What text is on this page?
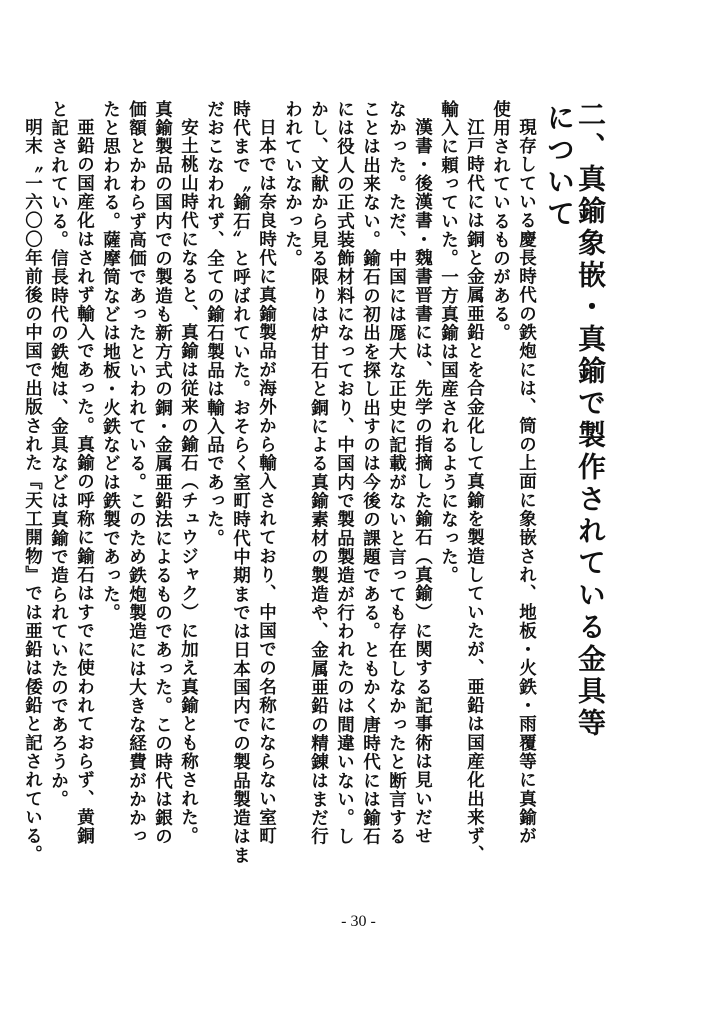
二、真鍮象嵌・真鍮で製作されている金具等
について
現存している慶長時代の鉄炮には、筒の上面に象嵌され、地板・火鉄・雨覆等に真鍮が
使用されているものがある。
江戸時代には銅と金属亜鉛とを合金化して真鍮を製造していたが、亜鉛は国産化出来ず、
輸入に頼っていた。一方真鍮は国産されるようになった。
漢書・後漢書・魏書晋書には、先学の指摘した鍮石（真鍮）に関する記事術は見いだせ
なかった。ただ、中国には厖大な正史に記載がないと言っても存在しなかったと断言する
ことは出来ない。鍮石の初出を探し出すのは今後の課題である。ともかく唐時代には鍮石
には役人の正式装飾材料になっており、中国内で製品製造が行われたのは間違いない。し
かし、文献から見る限りは炉甘石と銅による真鍮素材の製造や、金属亜鉛の精錬はまだ行
われていなかった。
日本では奈良時代に真鍮製品が海外から輸入されており、中国での名称にならない室町
時代まで〝鍮石〟と呼ばれていた。おそらく室町時代中期までは日本国内での製品製造はま
だおこなわれず、全ての鍮石製品は輸入品であった。
安土桃山時代になると、真鍮は従来の鍮石（チュウジャク）に加え真鍮とも称された。
真鍮製品の国内での製造も新方式の銅・金属亜鉛法によるものであった。この時代は銀の
価額とかわらず高価であったといわれている。このため鉄炮製造には大きな経費がかかっ
たと思われる。薩摩筒などは地板・火鉄などは鉄製であった。
亜鉛の国産化はされず輸入であった。真鍮の呼称に鍮石はすでに使われておらず、黄銅
と記されている。信長時代の鉄炮は、金具などは真鍮で造られていたのであろうか。
明末〝一六〇〇年前後の中国で出版された『天工開物』では亜鉛は倭鉛と記されている。
- 30 -
